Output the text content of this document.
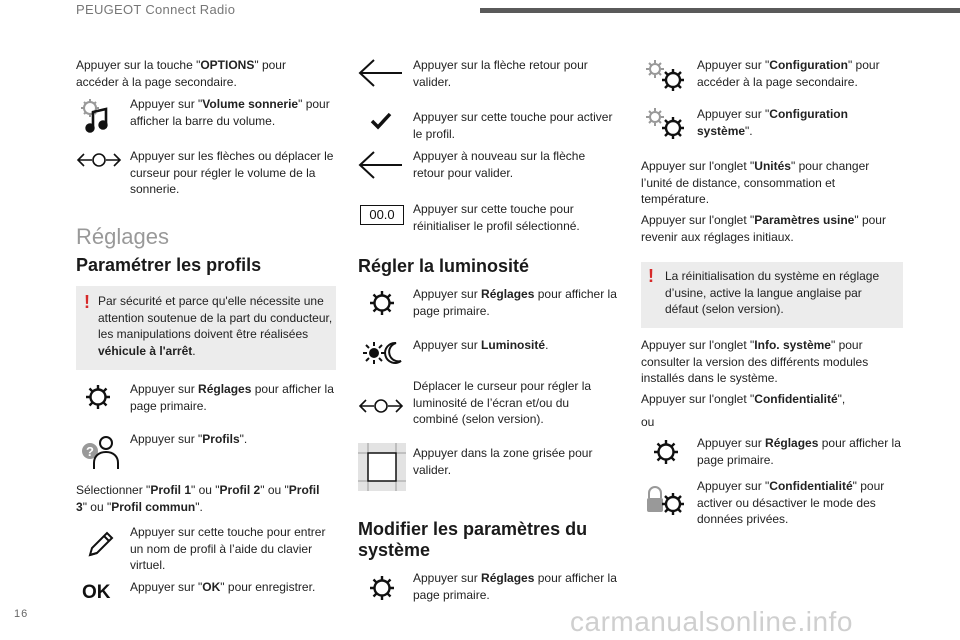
PEUGEOT Connect Radio
16	carmanualsonline.info
Appuyer sur la touche "OPTIONS" pour accéder à la page secondaire.
Appuyer sur "Volume sonnerie" pour afficher la barre du volume.
Appuyer sur les flèches ou déplacer le curseur pour régler le volume de la sonnerie.
Réglages
Paramétrer les profils
! Par sécurité et parce qu'elle nécessite une attention soutenue de la part du conducteur, les manipulations doivent être réalisées véhicule à l'arrêt.
Appuyer sur Réglages pour afficher la page primaire.
?
Appuyer sur "Profils".
Sélectionner "Profil 1" ou "Profil 2" ou "Profil 3" ou "Profil commun".
Appuyer sur cette touche pour entrer un nom de profil à l’aide du clavier virtuel.
OK Appuyer sur "OK" pour enregistrer.
Appuyer sur la flèche retour pour valider.
Appuyer sur cette touche pour activer le profil.
Appuyer à nouveau sur la flèche retour pour valider.
00.0	Appuyer sur cette touche pour réinitialiser le profil sélectionné.
Régler la luminosité
Appuyer sur Réglages pour afficher la page primaire.
Appuyer sur Luminosité.
Déplacer le curseur pour régler la luminosité de l’écran et/ou du combiné (selon version).
Appuyer dans la zone grisée pour valider.
Modifier les paramètres du système
Appuyer sur Réglages pour afficher la page primaire.
Appuyer sur "Configuration" pour accéder à la page secondaire.
Appuyer sur "Configuration système".
Appuyer sur l'onglet "Unités" pour changer l’unité de distance, consommation et température.
Appuyer sur l'onglet "Paramètres usine" pour revenir aux réglages initiaux.
! La réinitialisation du système en réglage d’usine, active la langue anglaise par défaut (selon version).
Appuyer sur l'onglet "Info. système" pour consulter la version des différents modules installés dans le système.
Appuyer sur l'onglet "Confidentialité",
ou
Appuyer sur Réglages pour afficher la page primaire.
Appuyer sur "Confidentialité" pour activer ou désactiver le mode des données privées.
